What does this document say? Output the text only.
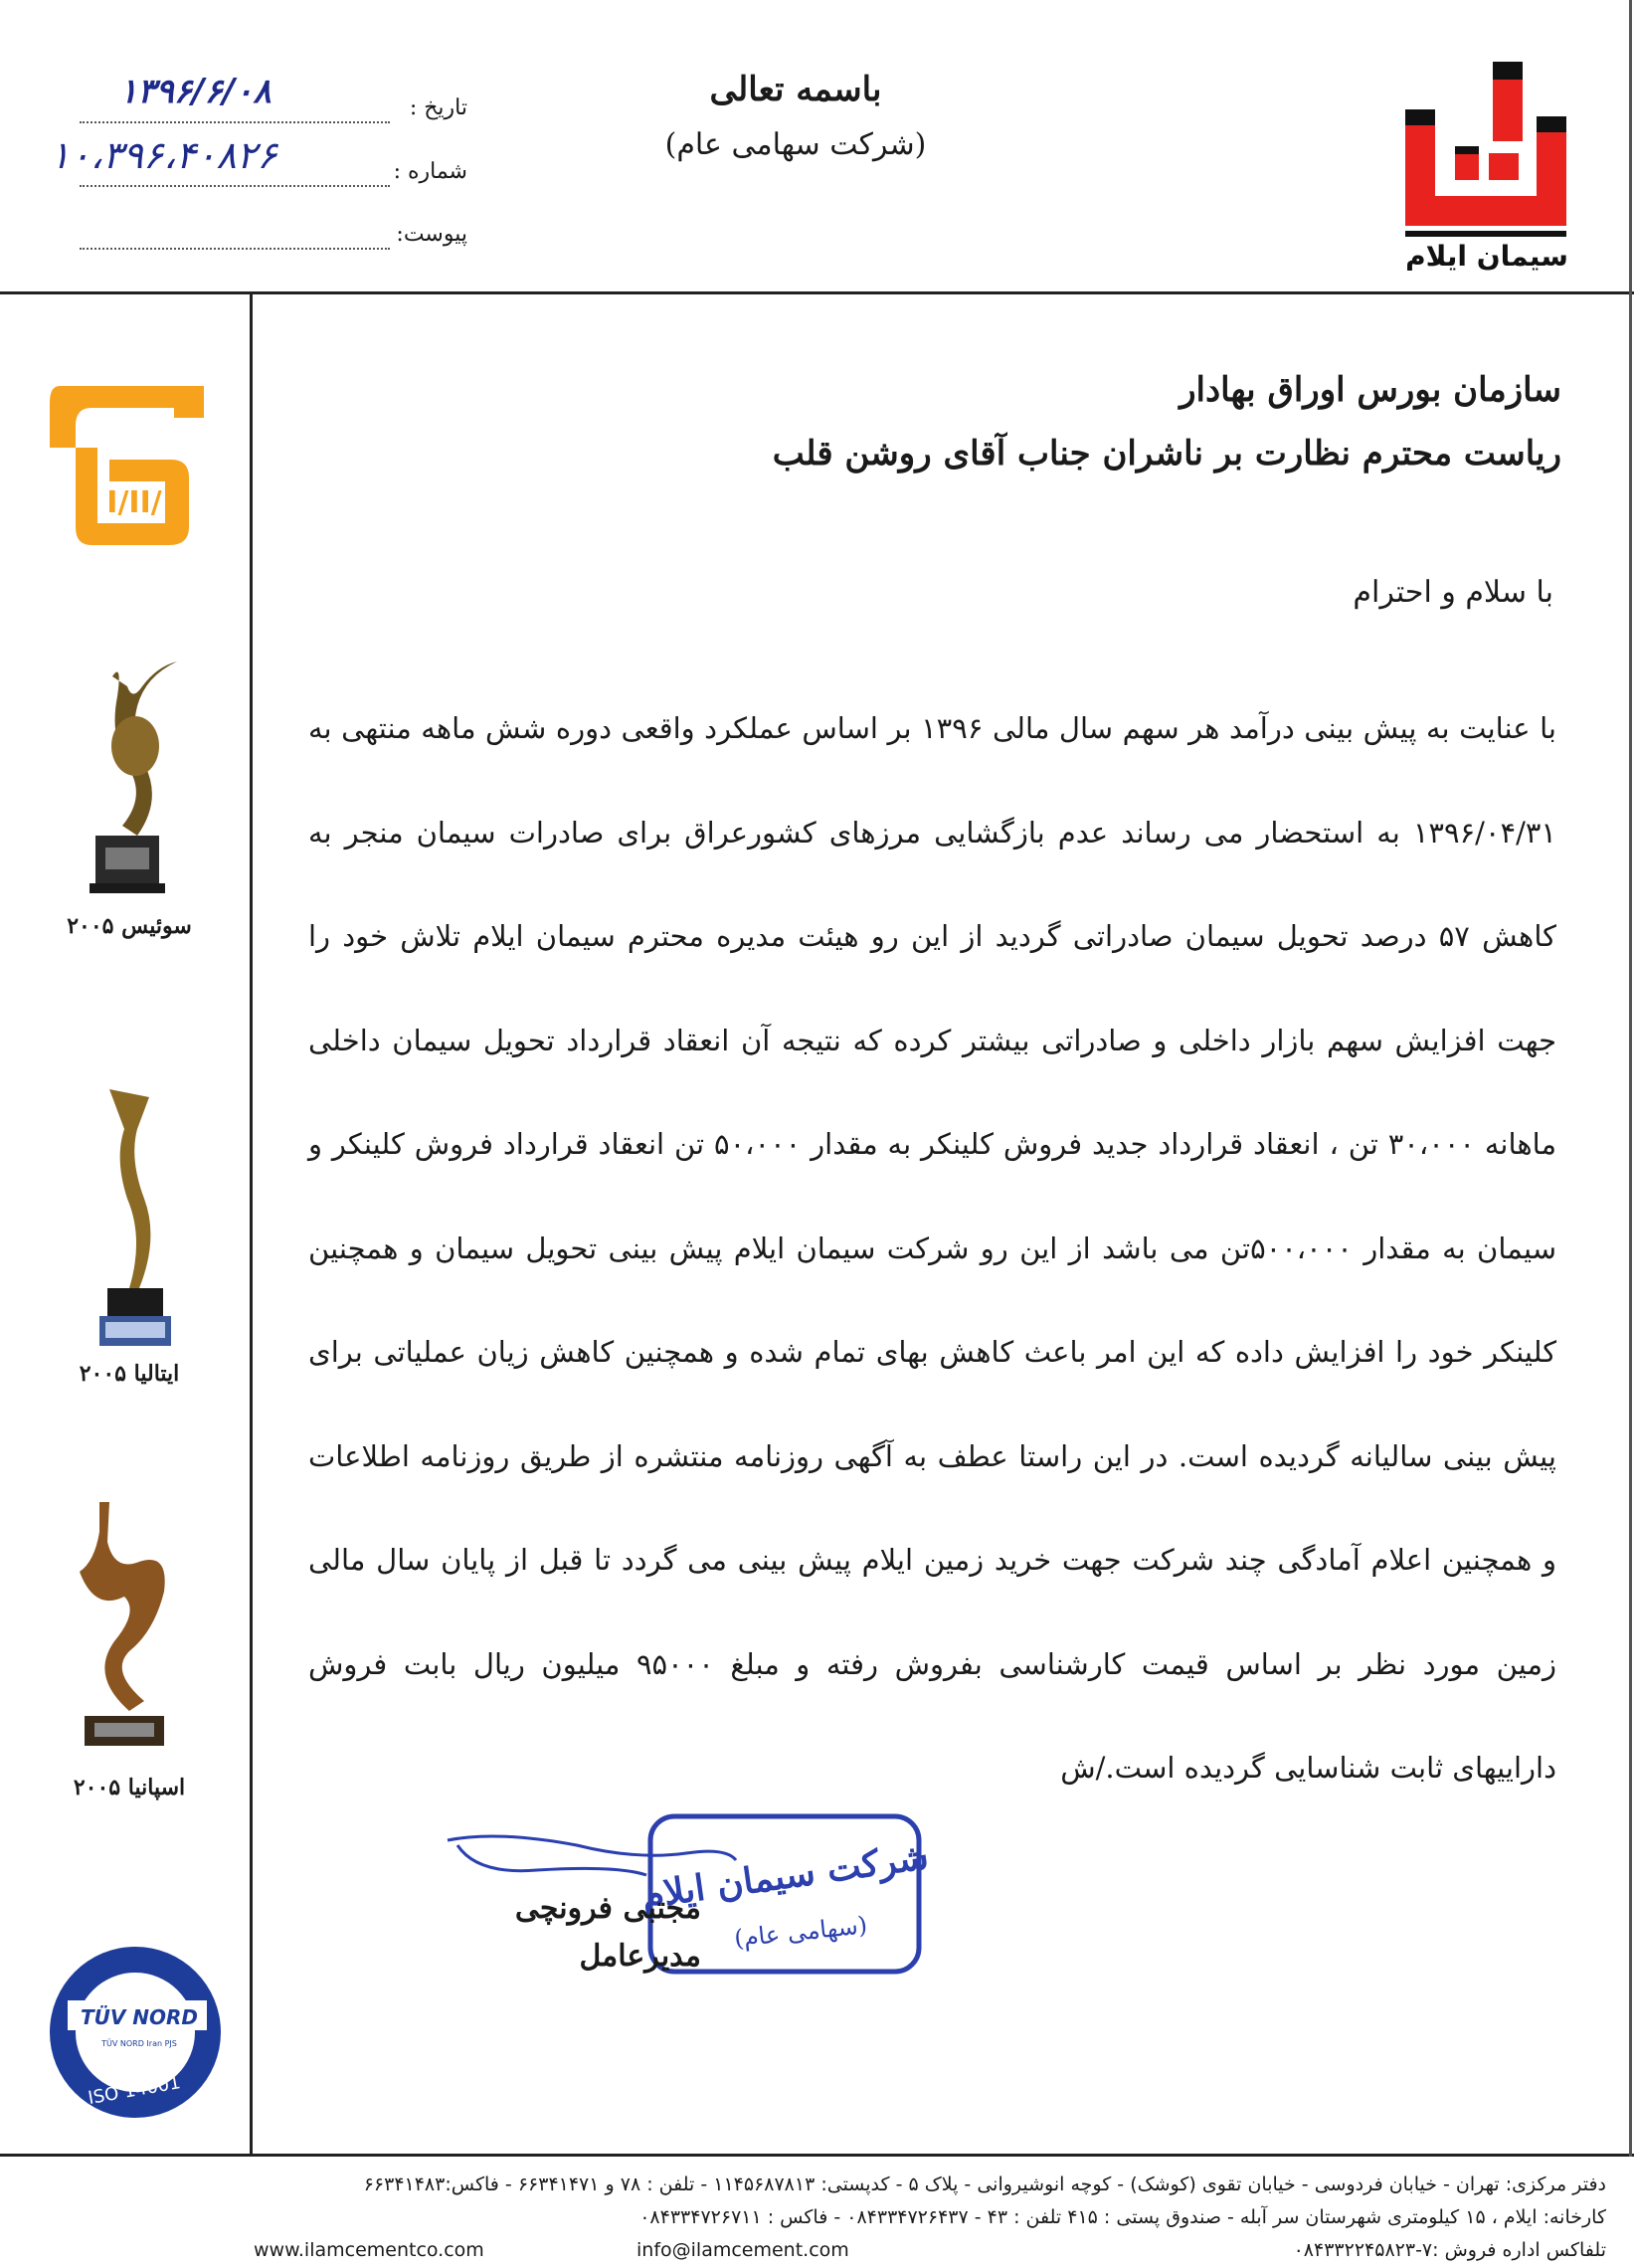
باسمه تعالی
(شرکت سهامی عام)
تاریخ :
۱۳۹۶/۶/۰۸
شماره :
۱۰،۳۹۶،۴۰۸۲۶
پیوست:
سیمان ایلام
I/II/
سوئیس ۲۰۰۵
ایتالیا ۲۰۰۵
اسپانیا ۲۰۰۵
TÜV NORD
TÜV NORD Iran PJS
ISO 14001
سازمان بورس اوراق بهادار
ریاست محترم نظارت بر ناشران جناب آقای روشن قلب
با سلام و احترام

با عنایت به پیش بینی درآمد هر سهم سال مالی ۱۳۹۶ بر اساس عملکرد واقعی دوره شش ماهه منتهی به ۱۳۹۶/۰۴/۳۱ به استحضار می رساند عدم بازگشایی مرزهای کشورعراق برای صادرات سیمان منجر به کاهش ۵۷ درصد تحویل سیمان صادراتی گردید از این رو هیئت مدیره محترم سیمان ایلام تلاش خود را جهت افزایش سهم بازار داخلی و صادراتی بیشتر کرده که نتیجه آن انعقاد قرارداد تحویل سیمان داخلی ماهانه ۳۰،۰۰۰ تن ، انعقاد قرارداد جدید فروش کلینکر به مقدار ۵۰،۰۰۰ تن انعقاد قرارداد فروش کلینکر و سیمان به مقدار ۵۰۰،۰۰۰تن می باشد از این رو شرکت سیمان ایلام پیش بینی تحویل سیمان و همچنین کلینکر خود را افزایش داده که این امر باعث کاهش بهای تمام شده و همچنین کاهش زیان عملیاتی برای پیش بینی سالیانه گردیده است. در این راستا عطف به آگهی روزنامه منتشره از طریق روزنامه اطلاعات و همچنین اعلام آمادگی چند شرکت جهت خرید زمین ایلام پیش بینی می گردد تا قبل از پایان سال مالی زمین مورد نظر بر اساس قیمت کارشناسی بفروش رفته و مبلغ ۹۵۰۰۰ میلیون ریال بابت فروش داراییهای ثابت شناسایی گردیده است./ش

شرکت سیمان ایلام
(سهامی عام)
مجتبی فرونچی
مدیرعامل
دفتر مرکزی: تهران - خیابان فردوسی - خیابان تقوی (کوشک) - کوچه انوشیروانی - پلاک ۵ - کدپستی: ۱۱۴۵۶۸۷۸۱۳ - تلفن : ۷۸ و ۶۶۳۴۱۴۷۱ - فاکس:۶۶۳۴۱۴۸۳
کارخانه: ایلام ، ۱۵ کیلومتری شهرستان سر آبله - صندوق پستی : ۴۱۵ تلفن : ۴۳ - ۰۸۴۳۳۴۷۲۶۴۳۷ - فاکس : ۰۸۴۳۳۴۷۲۶۷۱۱
تلفاکس اداره فروش :۷-۰۸۴۳۳۲۲۴۵۸۲۳
info@ilamcement.com
www.ilamcementco.com
